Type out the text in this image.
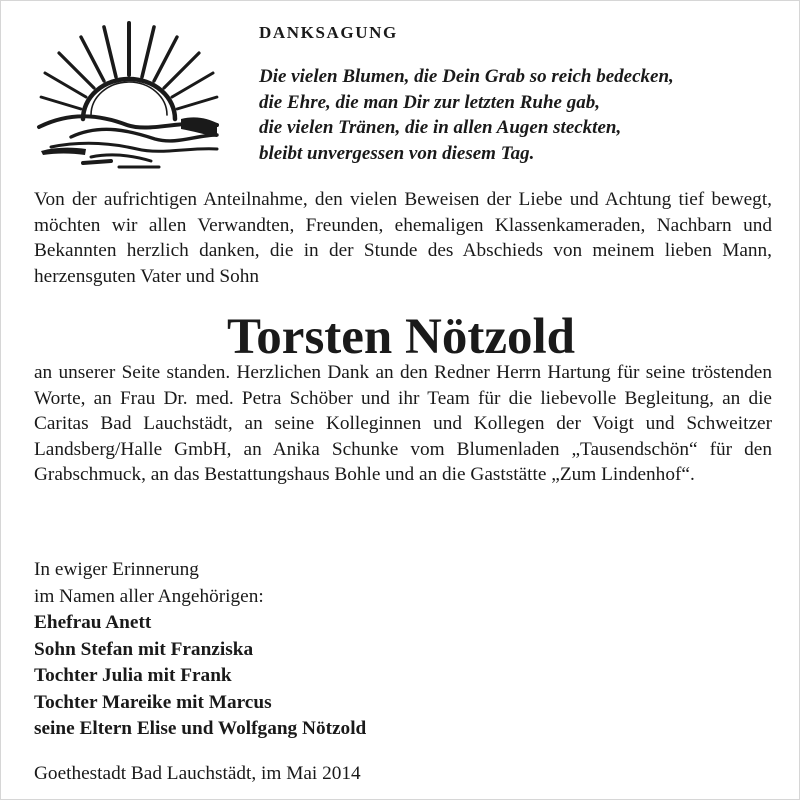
DANKSAGUNG
Die vielen Blumen, die Dein Grab so reich bedecken,
die Ehre, die man Dir zur letzten Ruhe gab,
die vielen Tränen, die in allen Augen steckten,
bleibt unvergessen von diesem Tag.

Von der aufrichtigen Anteilnahme, den vielen Beweisen der Liebe und Achtung tief bewegt, möchten wir allen Verwandten, Freunden, ehemaligen Klassenkameraden, Nachbarn und Bekannten herzlich danken, die in der Stunde des Abschieds von meinem lieben Mann, herzensguten Vater und Sohn

Torsten Nötzold

an unserer Seite standen. Herzlichen Dank an den Redner Herrn Hartung für seine tröstenden Worte, an Frau Dr. med. Petra Schöber und ihr Team für die liebevolle Begleitung, an die Caritas Bad Lauchstädt, an seine Kolleginnen und Kollegen der Voigt und Schweitzer Landsberg/Halle GmbH, an Anika Schunke vom Blumenladen „Tausendschön“ für den Grabschmuck, an das Bestattungshaus Bohle und an die Gaststätte „Zum Lindenhof“.

In ewiger Erinnerung
im Namen aller Angehörigen:
Ehefrau Anett
Sohn Stefan mit Franziska
Tochter Julia mit Frank
Tochter Mareike mit Marcus
seine Eltern Elise und Wolfgang Nötzold

Goethestadt Bad Lauchstädt, im Mai 2014
